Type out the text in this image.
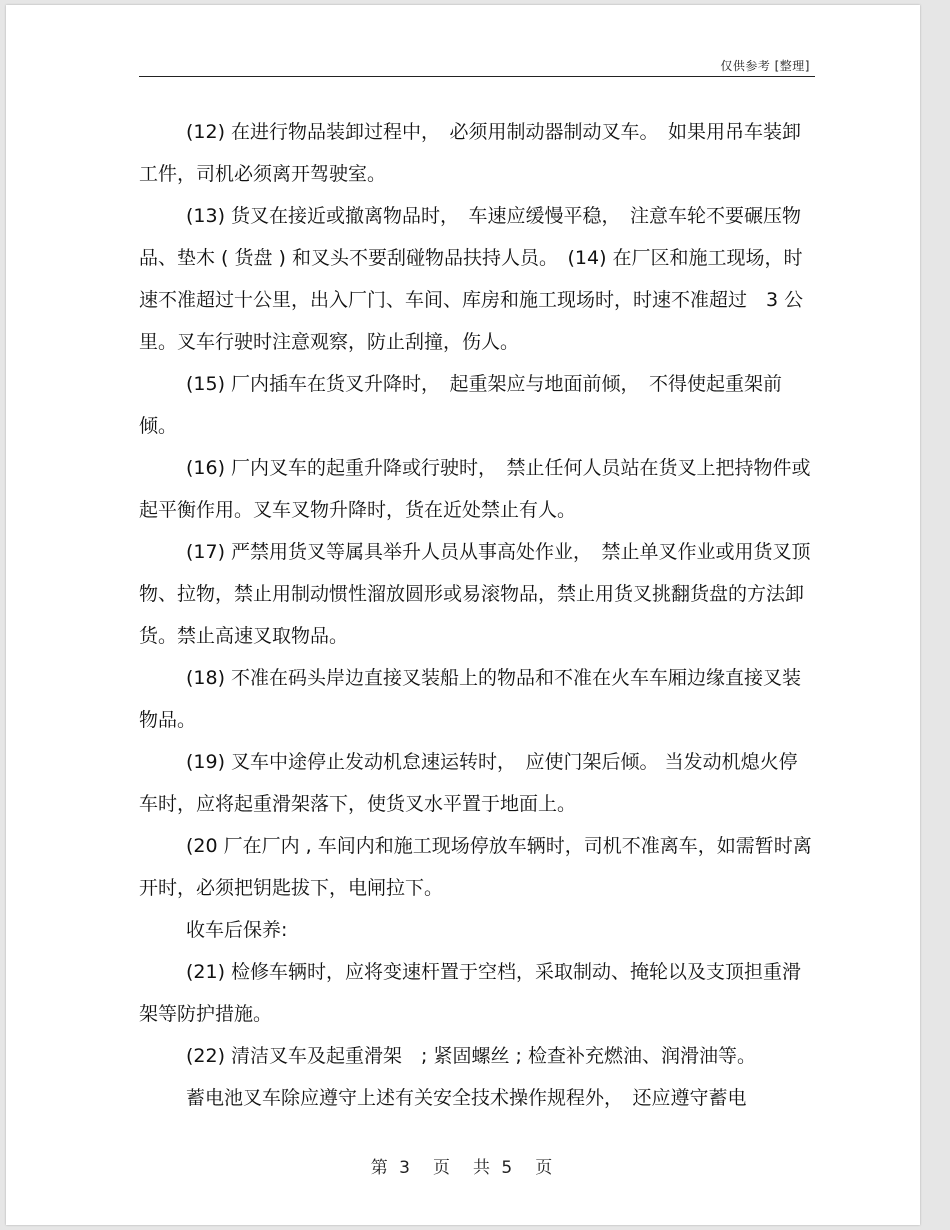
仅供参考 [整理]

(12) 在进行物品装卸过程中，　必须用制动器制动叉车。　如果用吊车装卸工件，司机必须离开驾驶室。

(13) 货叉在接近或撤离物品时，　车速应缓慢平稳，　注意车轮不要碾压物品、垫木 ( 货盘 ) 和叉头不要刮碰物品扶持人员。　(14) 在厂区和施工现场，时速不准超过十公里，出入厂门、车间、库房和施工现场时，时速不准超过　3 公里。叉车行驶时注意观察，防止刮撞，伤人。

(15) 厂内插车在货叉升降时，　起重架应与地面前倾，　不得使起重架前倾。

(16) 厂内叉车的起重升降或行驶时，　禁止任何人员站在货叉上把持物件或起平衡作用。叉车叉物升降时，货在近处禁止有人。

(17) 严禁用货叉等属具举升人员从事高处作业，　禁止单叉作业或用货叉顶物、拉物，禁止用制动惯性溜放圆形或易滚物品，禁止用货叉挑翻货盘的方法卸货。禁止高速叉取物品。

(18) 不准在码头岸边直接叉装船上的物品和不准在火车车厢边缘直接叉装物品。

(19) 叉车中途停止发动机怠速运转时，　应使门架后倾。 当发动机熄火停车时，应将起重滑架落下，使货叉水平置于地面上。

(20 厂在厂内 , 车间内和施工现场停放车辆时，司机不准离车，如需暂时离开时，必须把钥匙拔下，电闸拉下。

收车后保养:

(21) 检修车辆时，应将变速杆置于空档，采取制动、掩轮以及支顶担重滑架等防护措施。

(22) 清洁叉车及起重滑架　; 紧固螺丝 ; 检查补充燃油、润滑油等。

蓄电池叉车除应遵守上述有关安全技术操作规程外，　还应遵守蓄电

第 3　页　共 5　页
